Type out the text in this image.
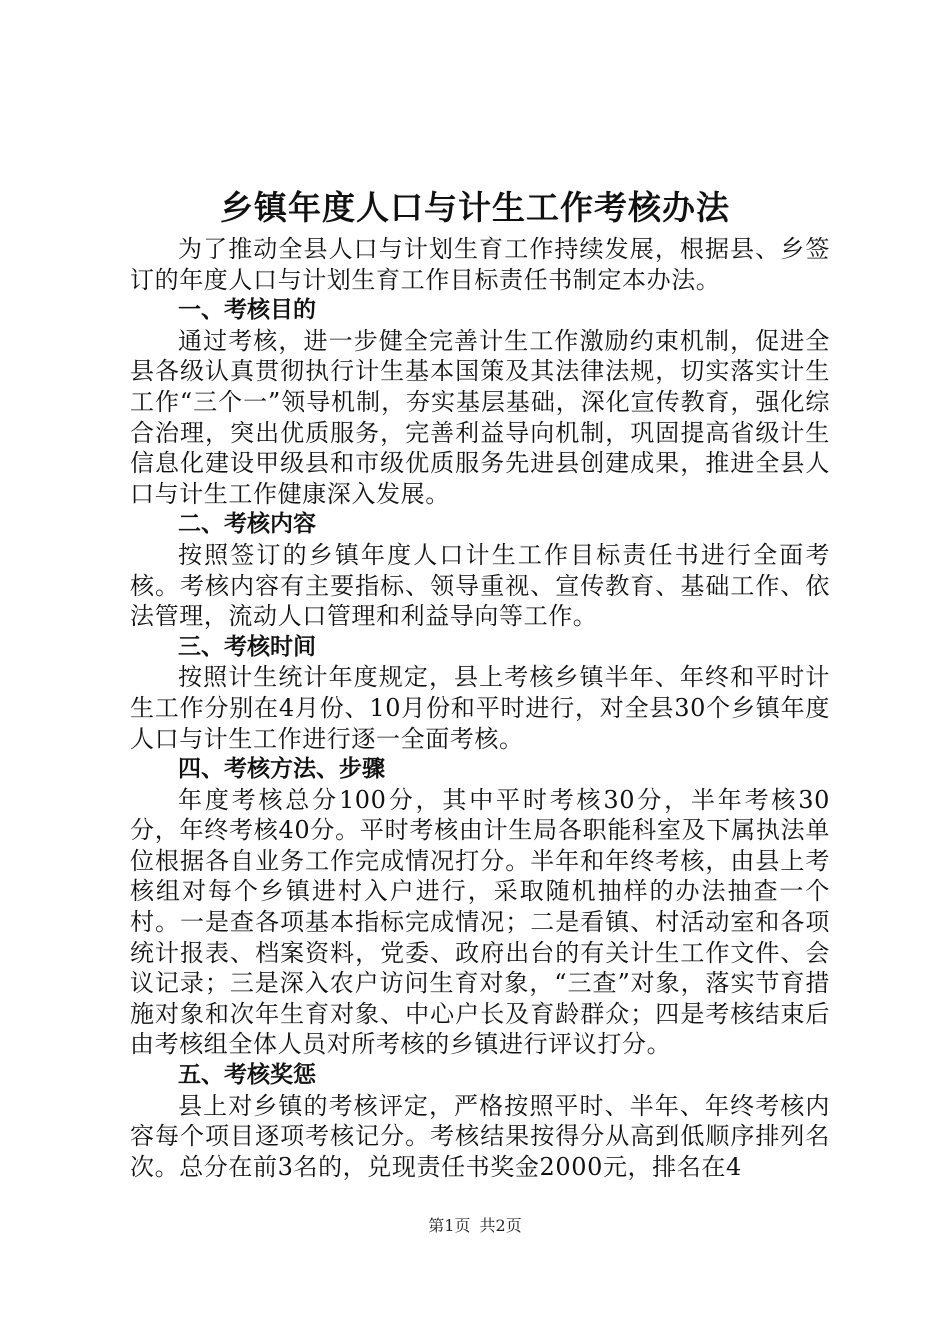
乡镇年度人口与计生工作考核办法

为了推动全县人口与计划生育工作持续发展，根据县、乡签订的年度人口与计划生育工作目标责任书制定本办法。

一、考核目的

通过考核，进一步健全完善计生工作激励约束机制，促进全县各级认真贯彻执行计生基本国策及其法律法规，切实落实计生工作“三个一”领导机制，夯实基层基础，深化宣传教育，强化综合治理，突出优质服务，完善利益导向机制，巩固提高省级计生信息化建设甲级县和市级优质服务先进县创建成果，推进全县人口与计生工作健康深入发展。

二、考核内容

按照签订的乡镇年度人口计生工作目标责任书进行全面考核。考核内容有主要指标、领导重视、宣传教育、基础工作、依法管理，流动人口管理和利益导向等工作。

三、考核时间

按照计生统计年度规定，县上考核乡镇半年、年终和平时计生工作分别在4月份、10月份和平时进行，对全县30个乡镇年度人口与计生工作进行逐一全面考核。

四、考核方法、步骤

年度考核总分100分，其中平时考核30分，半年考核30分，年终考核40分。平时考核由计生局各职能科室及下属执法单位根据各自业务工作完成情况打分。半年和年终考核，由县上考核组对每个乡镇进村入户进行，采取随机抽样的办法抽查一个村。一是查各项基本指标完成情况；二是看镇、村活动室和各项统计报表、档案资料，党委、政府出台的有关计生工作文件、会议记录；三是深入农户访问生育对象，“三查”对象，落实节育措施对象和次年生育对象、中心户长及育龄群众；四是考核结束后由考核组全体人员对所考核的乡镇进行评议打分。

五、考核奖惩

县上对乡镇的考核评定，严格按照平时、半年、年终考核内容每个项目逐项考核记分。考核结果按得分从高到低顺序排列名次。总分在前3名的，兑现责任书奖金2000元，排名在4

第1页 共2页
